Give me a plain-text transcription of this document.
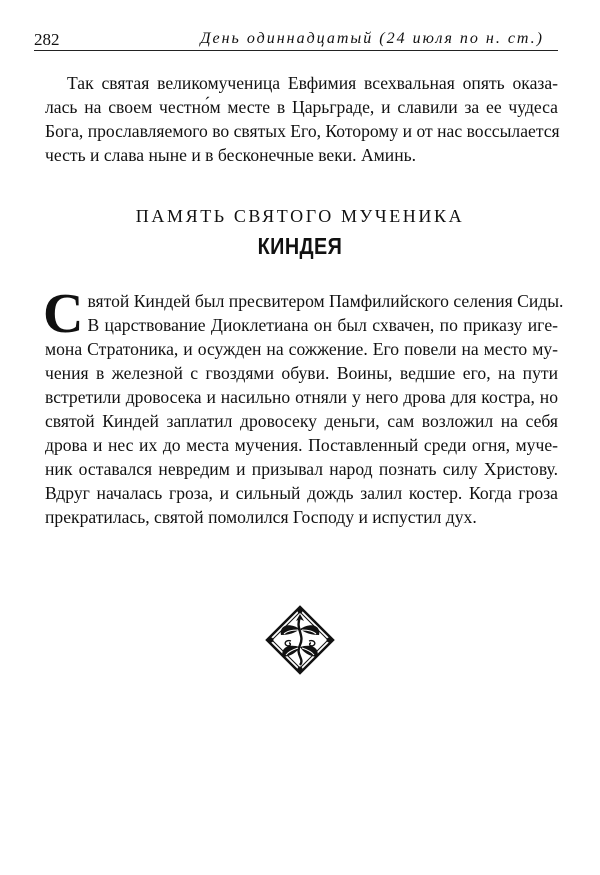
282	День одиннадцатый (24 июля по н. ст.)
Так святая великомученица Евфимия всехвальная опять оказа-
лась на своем честно́м месте в Царьграде, и славили за ее чудеса
Бога, прославляемого во святых Его, Которому и от нас воссылается
честь и слава ныне и в бесконечные веки. Аминь.
ПАМЯТЬ СВЯТОГО МУЧЕНИКА
КИНДЕЯ
С вятой Киндей был пресвитером Памфилийского селения Сиды.
В царствование Диоклетиана он был схвачен, по приказу игe-
мона Стратоника, и осужден на сожжение. Его повели на место му-
чения в железной с гвоздями обуви. Воины, ведшие его, на пути
встретили дровосека и насильно отняли у него дрова для костра, но
святой Киндей заплатил дровосеку деньги, сам возложил на себя
дрова и нес их до места мучения. Поставленный среди огня, муче-
ник оставался невредим и призывал народ познать силу Христову.
Вдруг началась гроза, и сильный дождь залил костер. Когда гроза
прекратилась, святой помолился Господу и испустил дух.
